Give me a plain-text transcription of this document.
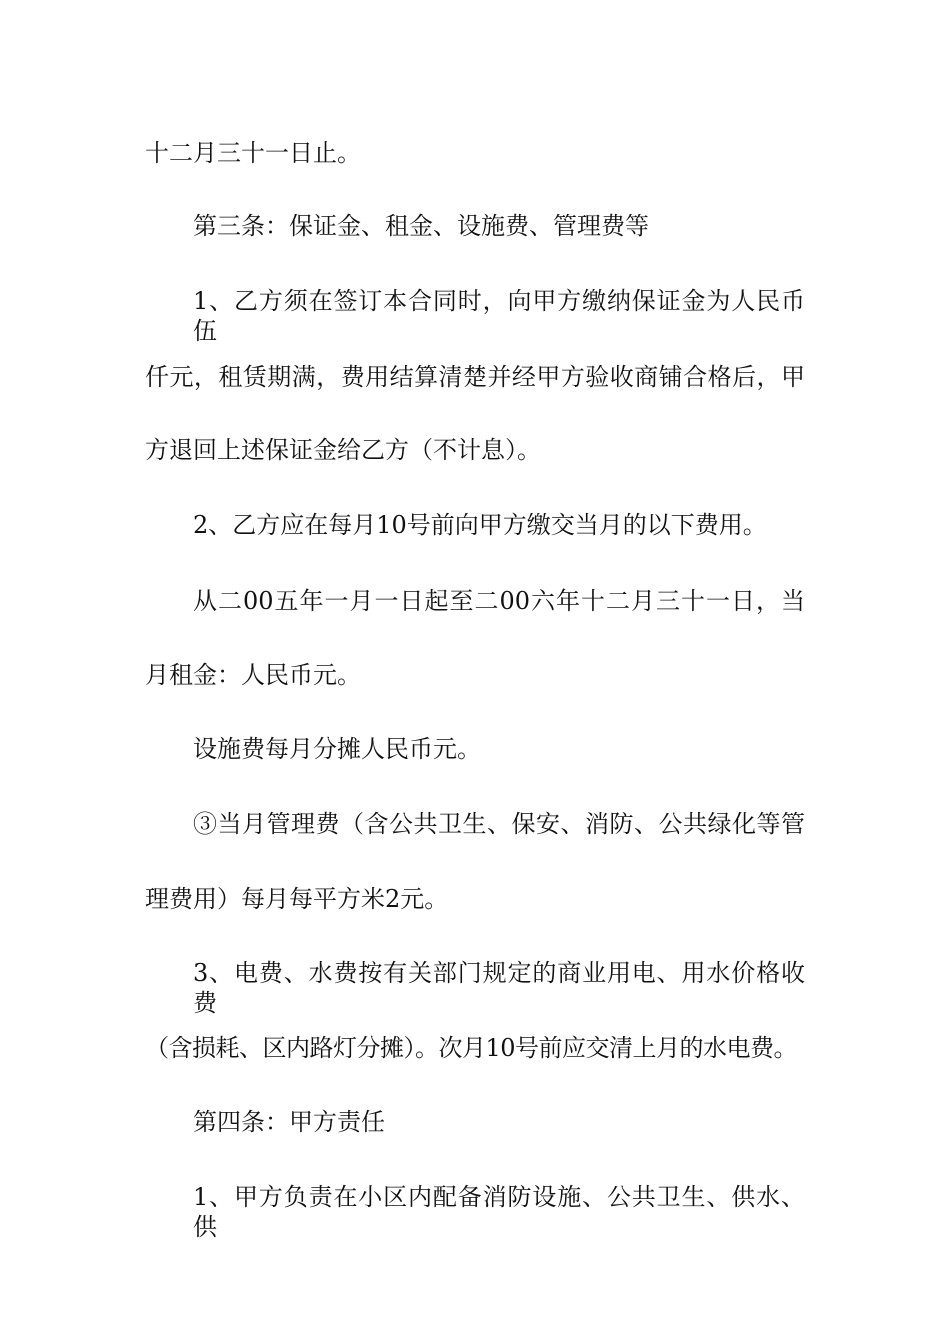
十二月三十一日止。
第三条：保证金、租金、设施费、管理费等
1、乙方须在签订本合同时，向甲方缴纳保证金为人民币伍
仟元，租赁期满，费用结算清楚并经甲方验收商铺合格后，甲
方退回上述保证金给乙方（不计息）。
2、乙方应在每月10号前向甲方缴交当月的以下费用。
从二00五年一月一日起至二00六年十二月三十一日，当
月租金：人民币元。
设施费每月分摊人民币元。
③当月管理费（含公共卫生、保安、消防、公共绿化等管
理费用）每月每平方米2元。
3、电费、水费按有关部门规定的商业用电、用水价格收费
（含损耗、区内路灯分摊）。次月10号前应交清上月的水电费。
第四条：甲方责任
1、甲方负责在小区内配备消防设施、公共卫生、供水、供
